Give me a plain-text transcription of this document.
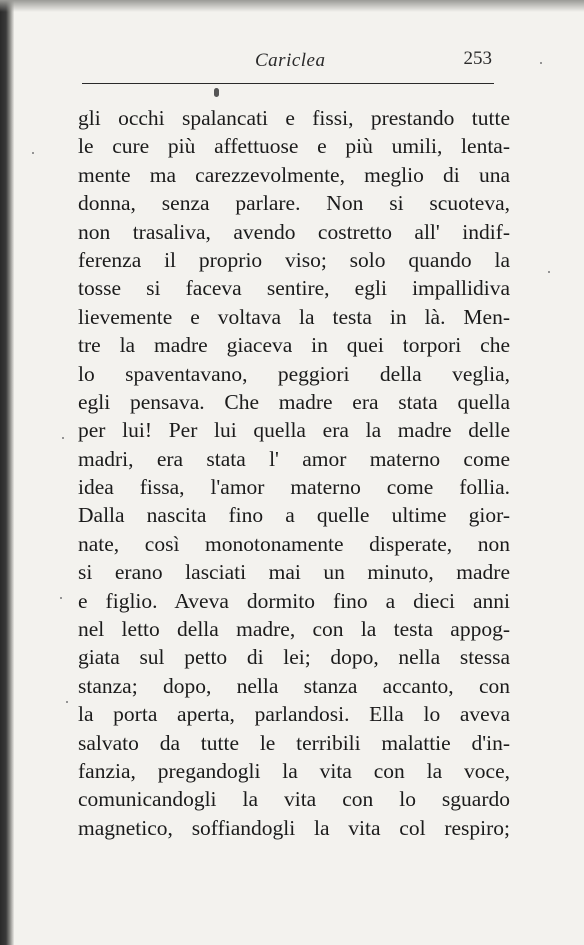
Cariclea	253
gli occhi spalancati e fissi, prestando tutte
le cure più affettuose e più umili, lenta-
mente ma carezzevolmente, meglio di una
donna, senza parlare. Non si scuoteva,
non trasaliva, avendo costretto all' indif-
ferenza il proprio viso; solo quando la
tosse si faceva sentire, egli impallidiva
lievemente e voltava la testa in là. Men-
tre la madre giaceva in quei torpori che
lo spaventavano, peggiori della veglia,
egli pensava. Che madre era stata quella
per lui! Per lui quella era la madre delle
madri, era stata l' amor materno come
idea fissa, l'amor materno come follia.
Dalla nascita fino a quelle ultime gior-
nate, così monotonamente disperate, non
si erano lasciati mai un minuto, madre
e figlio. Aveva dormito fino a dieci anni
nel letto della madre, con la testa appog-
giata sul petto di lei; dopo, nella stessa
stanza; dopo, nella stanza accanto, con
la porta aperta, parlandosi. Ella lo aveva
salvato da tutte le terribili malattie d'in-
fanzia, pregandogli la vita con la voce,
comunicandogli la vita con lo sguardo
magnetico, soffiandogli la vita col respiro;
